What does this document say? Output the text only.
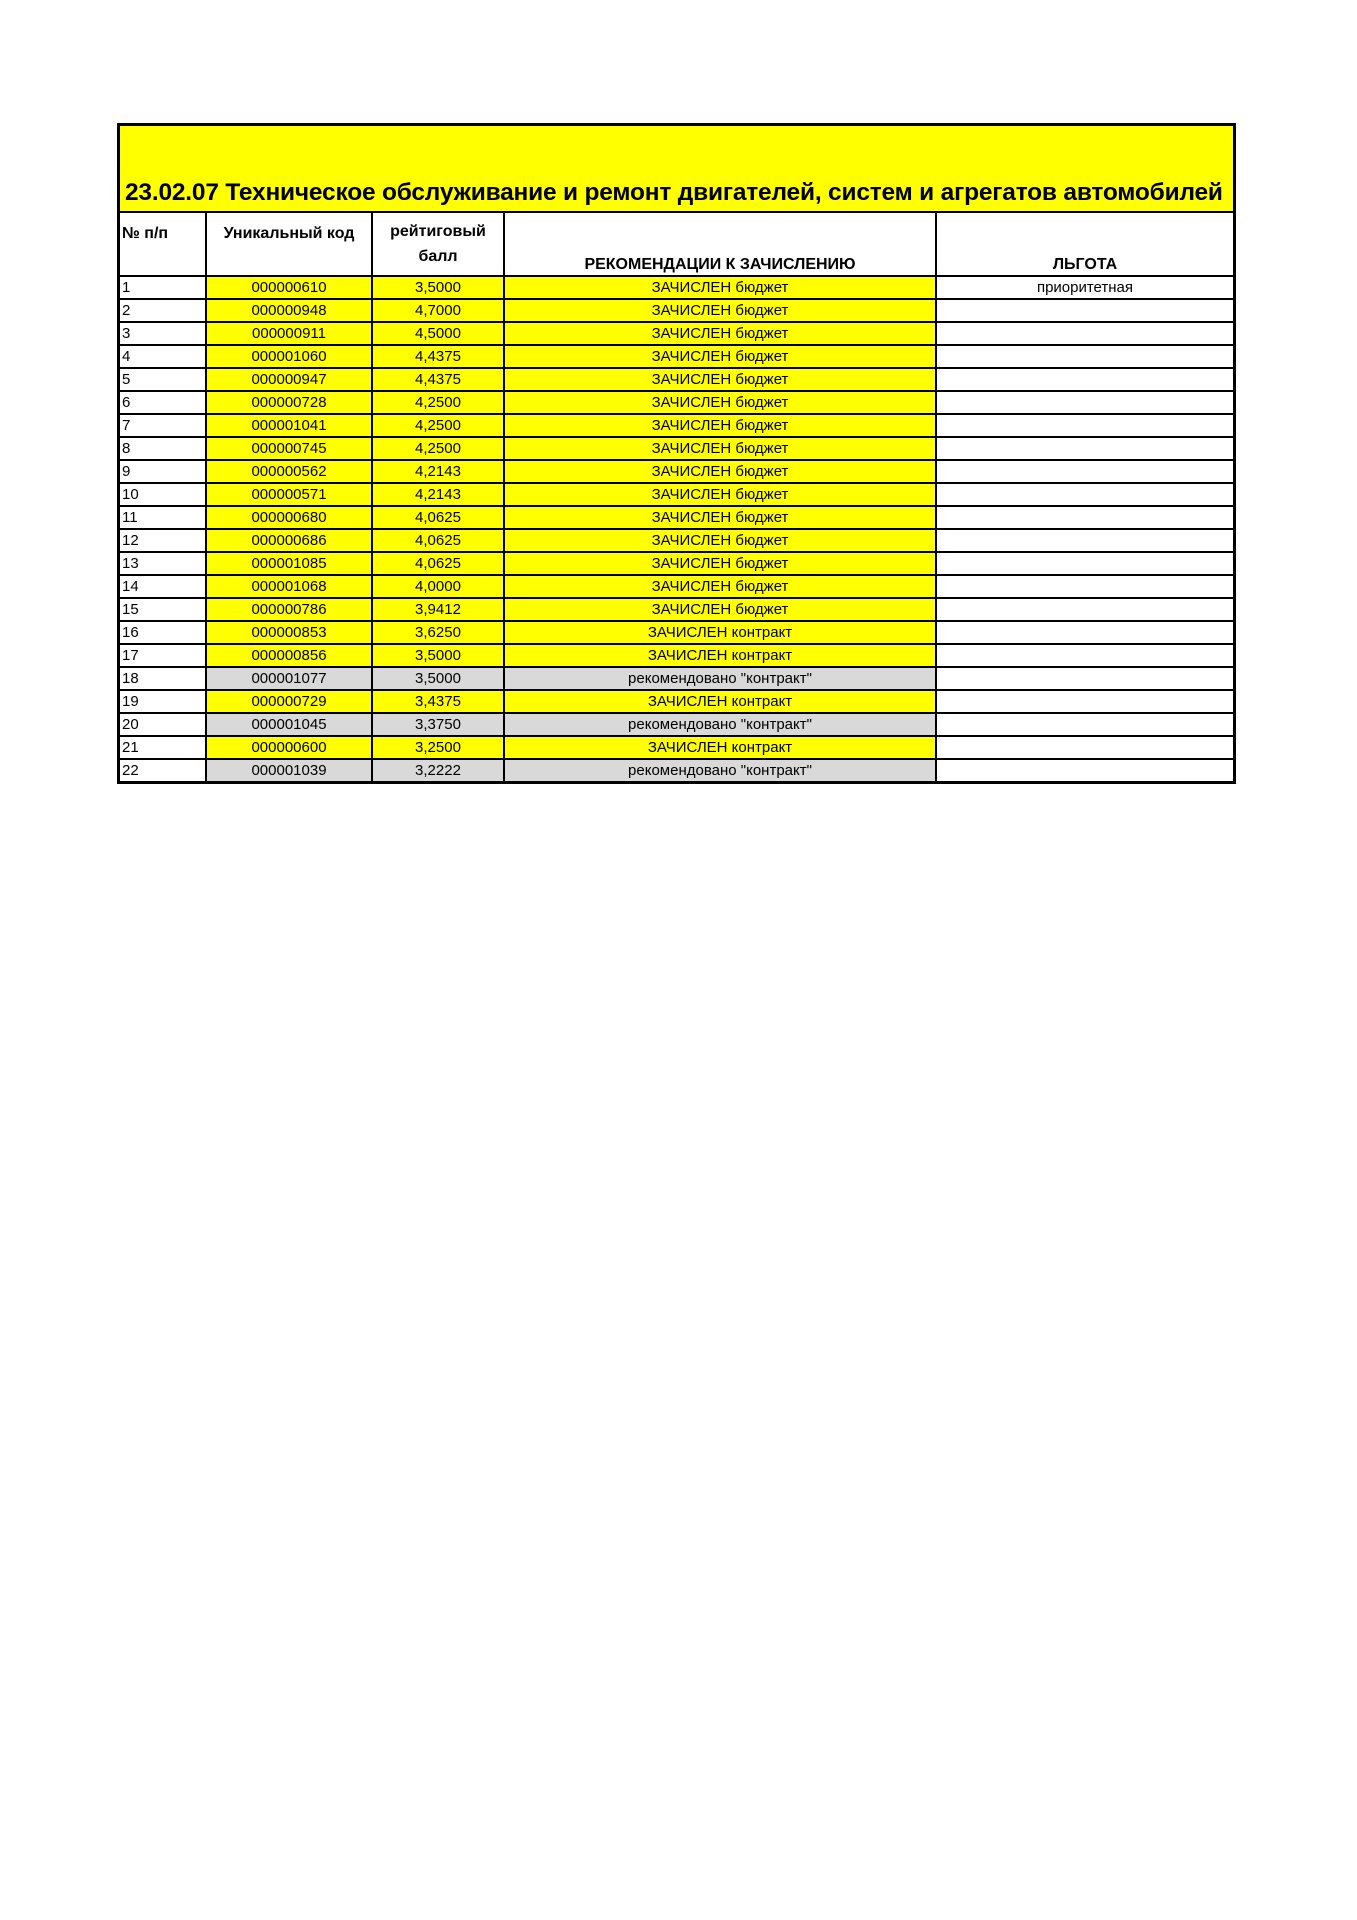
23.02.07 Техническое обслуживание и ремонт двигателей, систем и агрегатов автомобилей
№ п/п	Уникальный код	рейтиговый балл	РЕКОМЕНДАЦИИ К ЗАЧИСЛЕНИЮ	ЛЬГОТА
1	000000610	3,5000	ЗАЧИСЛЕН бюджет	приоритетная
2	000000948	4,7000	ЗАЧИСЛЕН бюджет	
3	000000911	4,5000	ЗАЧИСЛЕН бюджет	
4	000001060	4,4375	ЗАЧИСЛЕН бюджет	
5	000000947	4,4375	ЗАЧИСЛЕН бюджет	
6	000000728	4,2500	ЗАЧИСЛЕН бюджет	
7	000001041	4,2500	ЗАЧИСЛЕН бюджет	
8	000000745	4,2500	ЗАЧИСЛЕН бюджет	
9	000000562	4,2143	ЗАЧИСЛЕН бюджет	
10	000000571	4,2143	ЗАЧИСЛЕН бюджет	
11	000000680	4,0625	ЗАЧИСЛЕН бюджет	
12	000000686	4,0625	ЗАЧИСЛЕН бюджет	
13	000001085	4,0625	ЗАЧИСЛЕН бюджет	
14	000001068	4,0000	ЗАЧИСЛЕН бюджет	
15	000000786	3,9412	ЗАЧИСЛЕН бюджет	
16	000000853	3,6250	ЗАЧИСЛЕН контракт	
17	000000856	3,5000	ЗАЧИСЛЕН контракт	
18	000001077	3,5000	рекомендовано "контракт"	
19	000000729	3,4375	ЗАЧИСЛЕН контракт	
20	000001045	3,3750	рекомендовано "контракт"	
21	000000600	3,2500	ЗАЧИСЛЕН контракт	
22	000001039	3,2222	рекомендовано "контракт"	
